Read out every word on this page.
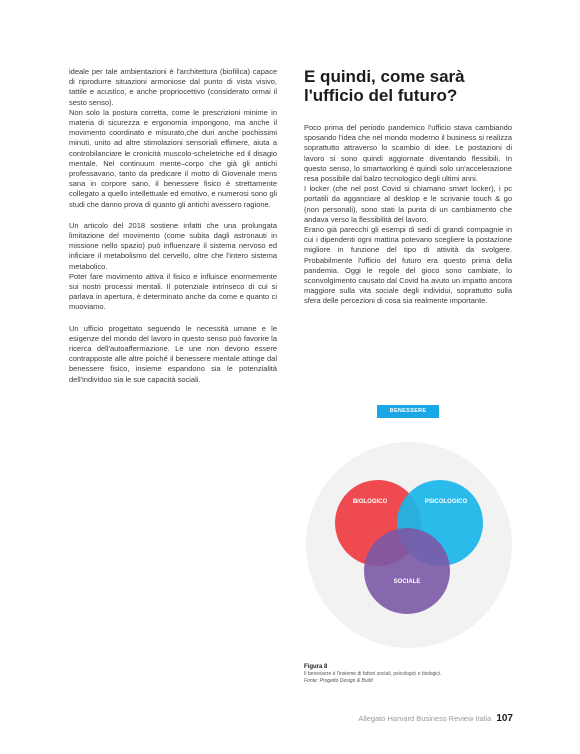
ideale per tale ambientazioni è l'architettura (biofilica) capace di riprodurre situazioni armoniose dal punto di vista visivo, tattile e acustico, e anche propriocettivo (considerato ormai il sesto senso).

Non solo la postura corretta, come le prescrizioni minime in materia di sicurezza e ergonomia impongono, ma anche il movimento coordinato e misurato,che duri anche pochissimi minuti, unito ad altre stimolazioni sensoriali effimere, aiuta a controbilanciare le cronicità muscolo-scheletriche ed il disagio mentale. Nel continuum mente–corpo che già gli antichi professavano, tanto da predicare il motto di Giovenale mens sana in corpore sano, il benessere fisico è strettamente collegato a quello intellettuale ed emotivo, e numerosi sono gli studi che danno prova di quanto gli antichi avessero ragione.

Un articolo del 2018 sostiene infatti che una prolungata limitazione del movimento (come subita dagli astronauti in missione nello spazio) può influenzare il sistema nervoso ed inficiare il metabolismo del cervello, oltre che l'intero sistema metabolico.

Poter fare movimento attiva il fisico e influisce enormemente sui nostri processi mentali. Il potenziale intrinseco di cui si parlava in apertura, è determinato anche da come e quanto ci muoviamo.

Un ufficio progettato seguendo le necessità umane e le esigenze del mondo del lavoro in questo senso può favorire la ricerca dell'autoaffermazione. Le une non devono essere contrapposte alle altre poiché il benessere mentale attinge dal benessere fisico, insieme espandono sia le potenzialità dell'individuo sia le sue capacità sociali.

E quindi, come sarà
l'ufficio del futuro?

Poco prima del periodo pandemico l'ufficio stava cambiando sposando l'idea che nel mondo moderno il business si realizza soprattutto attraverso lo scambio di idee. Le postazioni di lavoro si sono quindi aggiornate diventando flessibili. In questo senso, lo smartworking è quindi solo un'accelerazione resa possibile dal balzo tecnologico degli ultimi anni.

I locker (che nel post Covid si chiamano smart locker), i pc portatili da agganciare al desktop e le scrivanie touch & go (non personali), sono stati la punta di un cambiamento che andava verso la flessibilità del lavoro.

Erano già parecchi gli esempi di sedi di grandi compagnie in cui i dipendenti ogni mattina potevano scegliere la postazione migliore in funzione del tipo di attività da svolgere. Probabilmente l'ufficio del futuro era questo prima della pandemia. Oggi le regole del gioco sono cambiate, lo sconvolgimento causato dal Covid ha avuto un impatto ancora maggiore sulla vita sociale degli individui, soprattutto sulla sfera delle percezioni di cosa sia realmente importante.

BENESSERE
BIOLOGICO	PSICOLOGICO
SOCIALE

Figura 8

Il benessere è l'insieme di fattori sociali, psicologici e biologici.

Fonte: Progetto Design & Build

Allegato Harvard Business Review Italia 107
